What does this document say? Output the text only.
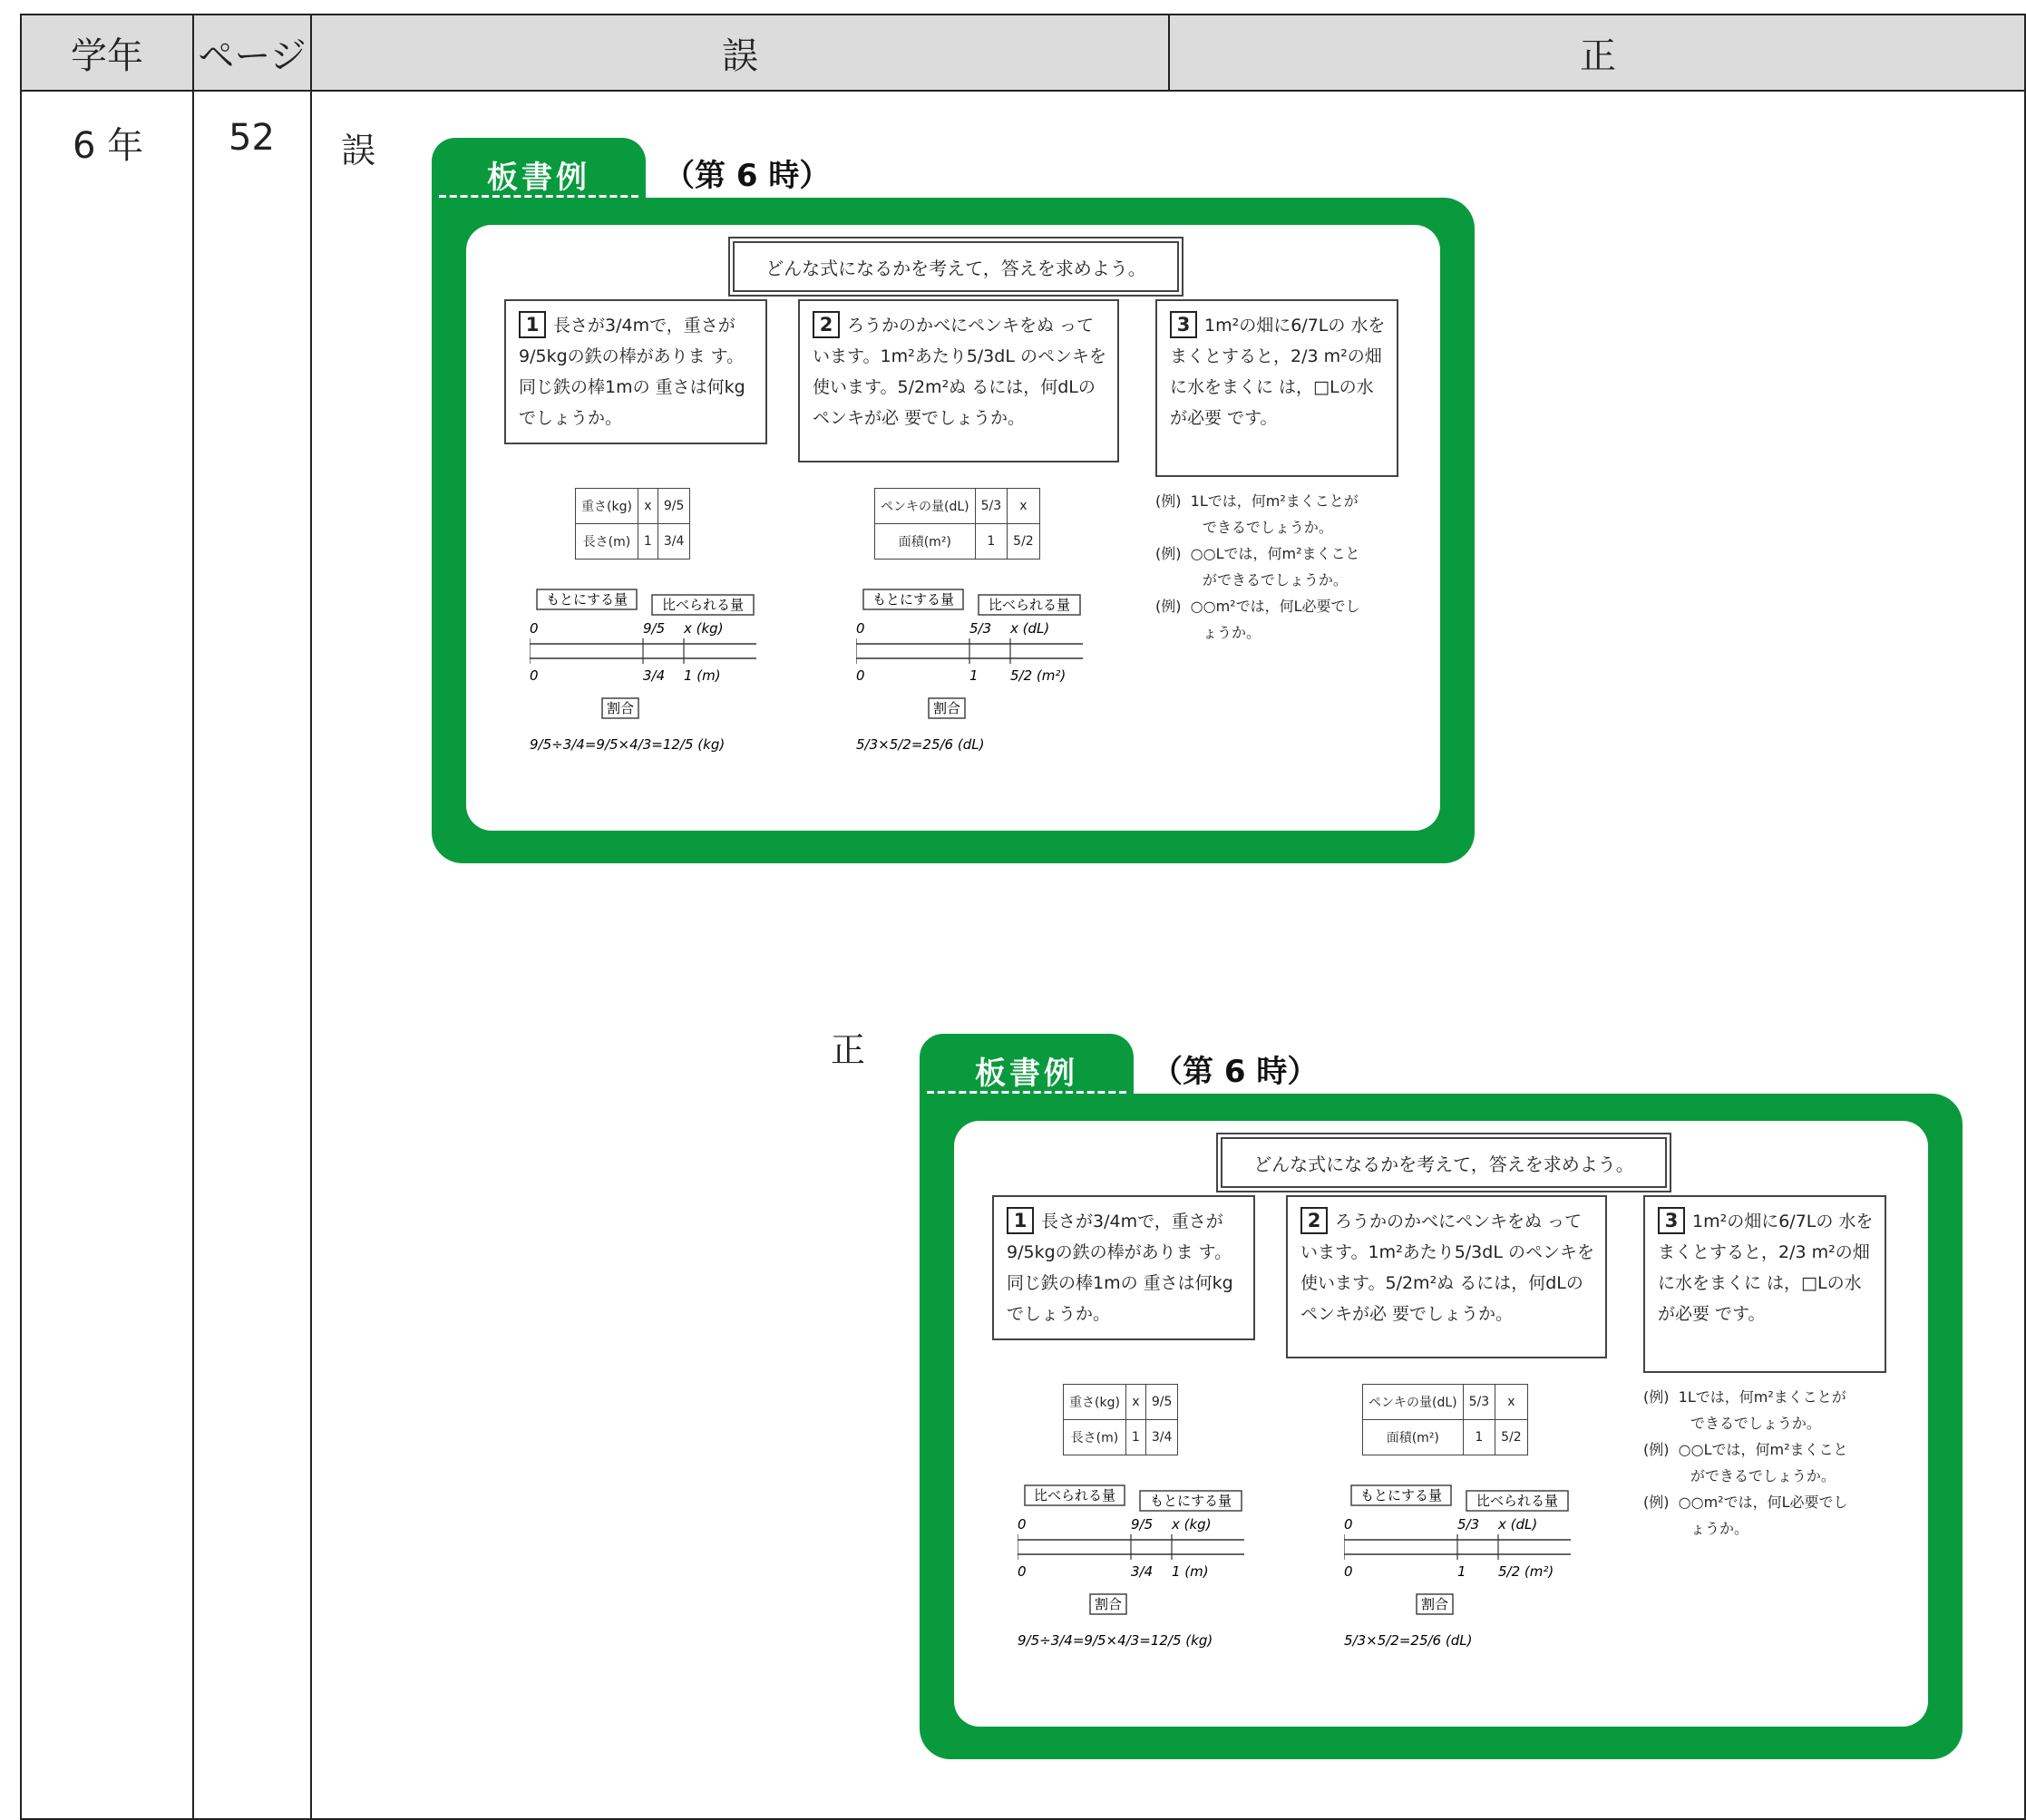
学年	ページ	誤	正
6 年 52 誤
正
板書例	（第 6 時）
どんな式になるかを考えて，答えを求めよう。
1 長さが3/4mで，重さが9/5kgの鉄の棒がありま す。同じ鉄の棒1mの 重さは何kgでしょうか。
2 ろうかのかべにペンキをぬ っています。1m²あたり5/3dL のペンキを使います。5/2m²ぬ るには，何dLのペンキが必 要でしょうか。
3 1m²の畑に6/7Lの 水をまくとすると，2/3 m²の畑に水をまくに は，□Lの水が必要 です。
重さ(kg)	x	9/5
長さ(m)	1	3/4
ペンキの量(dL)	5/3	x
面積(m²)	1	5/2
(例) 1Lでは，何m²まくことが
できるでしょうか。
(例) ○○Lでは，何m²まくこと
ができるでしょうか。
(例) ○○m²では，何L必要でし
ょうか。
もとにする量	比べられる量
0
0
9/5
3/4
x (kg)
1 (m)
割合
9/5÷3/4=9/5×4/3=12/5 (kg)
もとにする量	比べられる量
0
0
5/3
1
x (dL)
5/2 (m²)
割合
5/3×5/2=25/6 (dL)
板書例	（第 6 時）
どんな式になるかを考えて，答えを求めよう。
1 長さが3/4mで，重さが9/5kgの鉄の棒がありま す。同じ鉄の棒1mの 重さは何kgでしょうか。
2 ろうかのかべにペンキをぬ っています。1m²あたり5/3dL のペンキを使います。5/2m²ぬ るには，何dLのペンキが必 要でしょうか。
3 1m²の畑に6/7Lの 水をまくとすると，2/3 m²の畑に水をまくに は，□Lの水が必要 です。
重さ(kg)	x	9/5
長さ(m)	1	3/4
ペンキの量(dL)	5/3	x
面積(m²)	1	5/2
(例) 1Lでは，何m²まくことが
できるでしょうか。
(例) ○○Lでは，何m²まくこと
ができるでしょうか。
(例) ○○m²では，何L必要でし
ょうか。
比べられる量	もとにする量
0
0
9/5
3/4
x (kg)
1 (m)
割合
9/5÷3/4=9/5×4/3=12/5 (kg)
もとにする量	比べられる量
0
0
5/3
1
x (dL)
5/2 (m²)
割合
5/3×5/2=25/6 (dL)
